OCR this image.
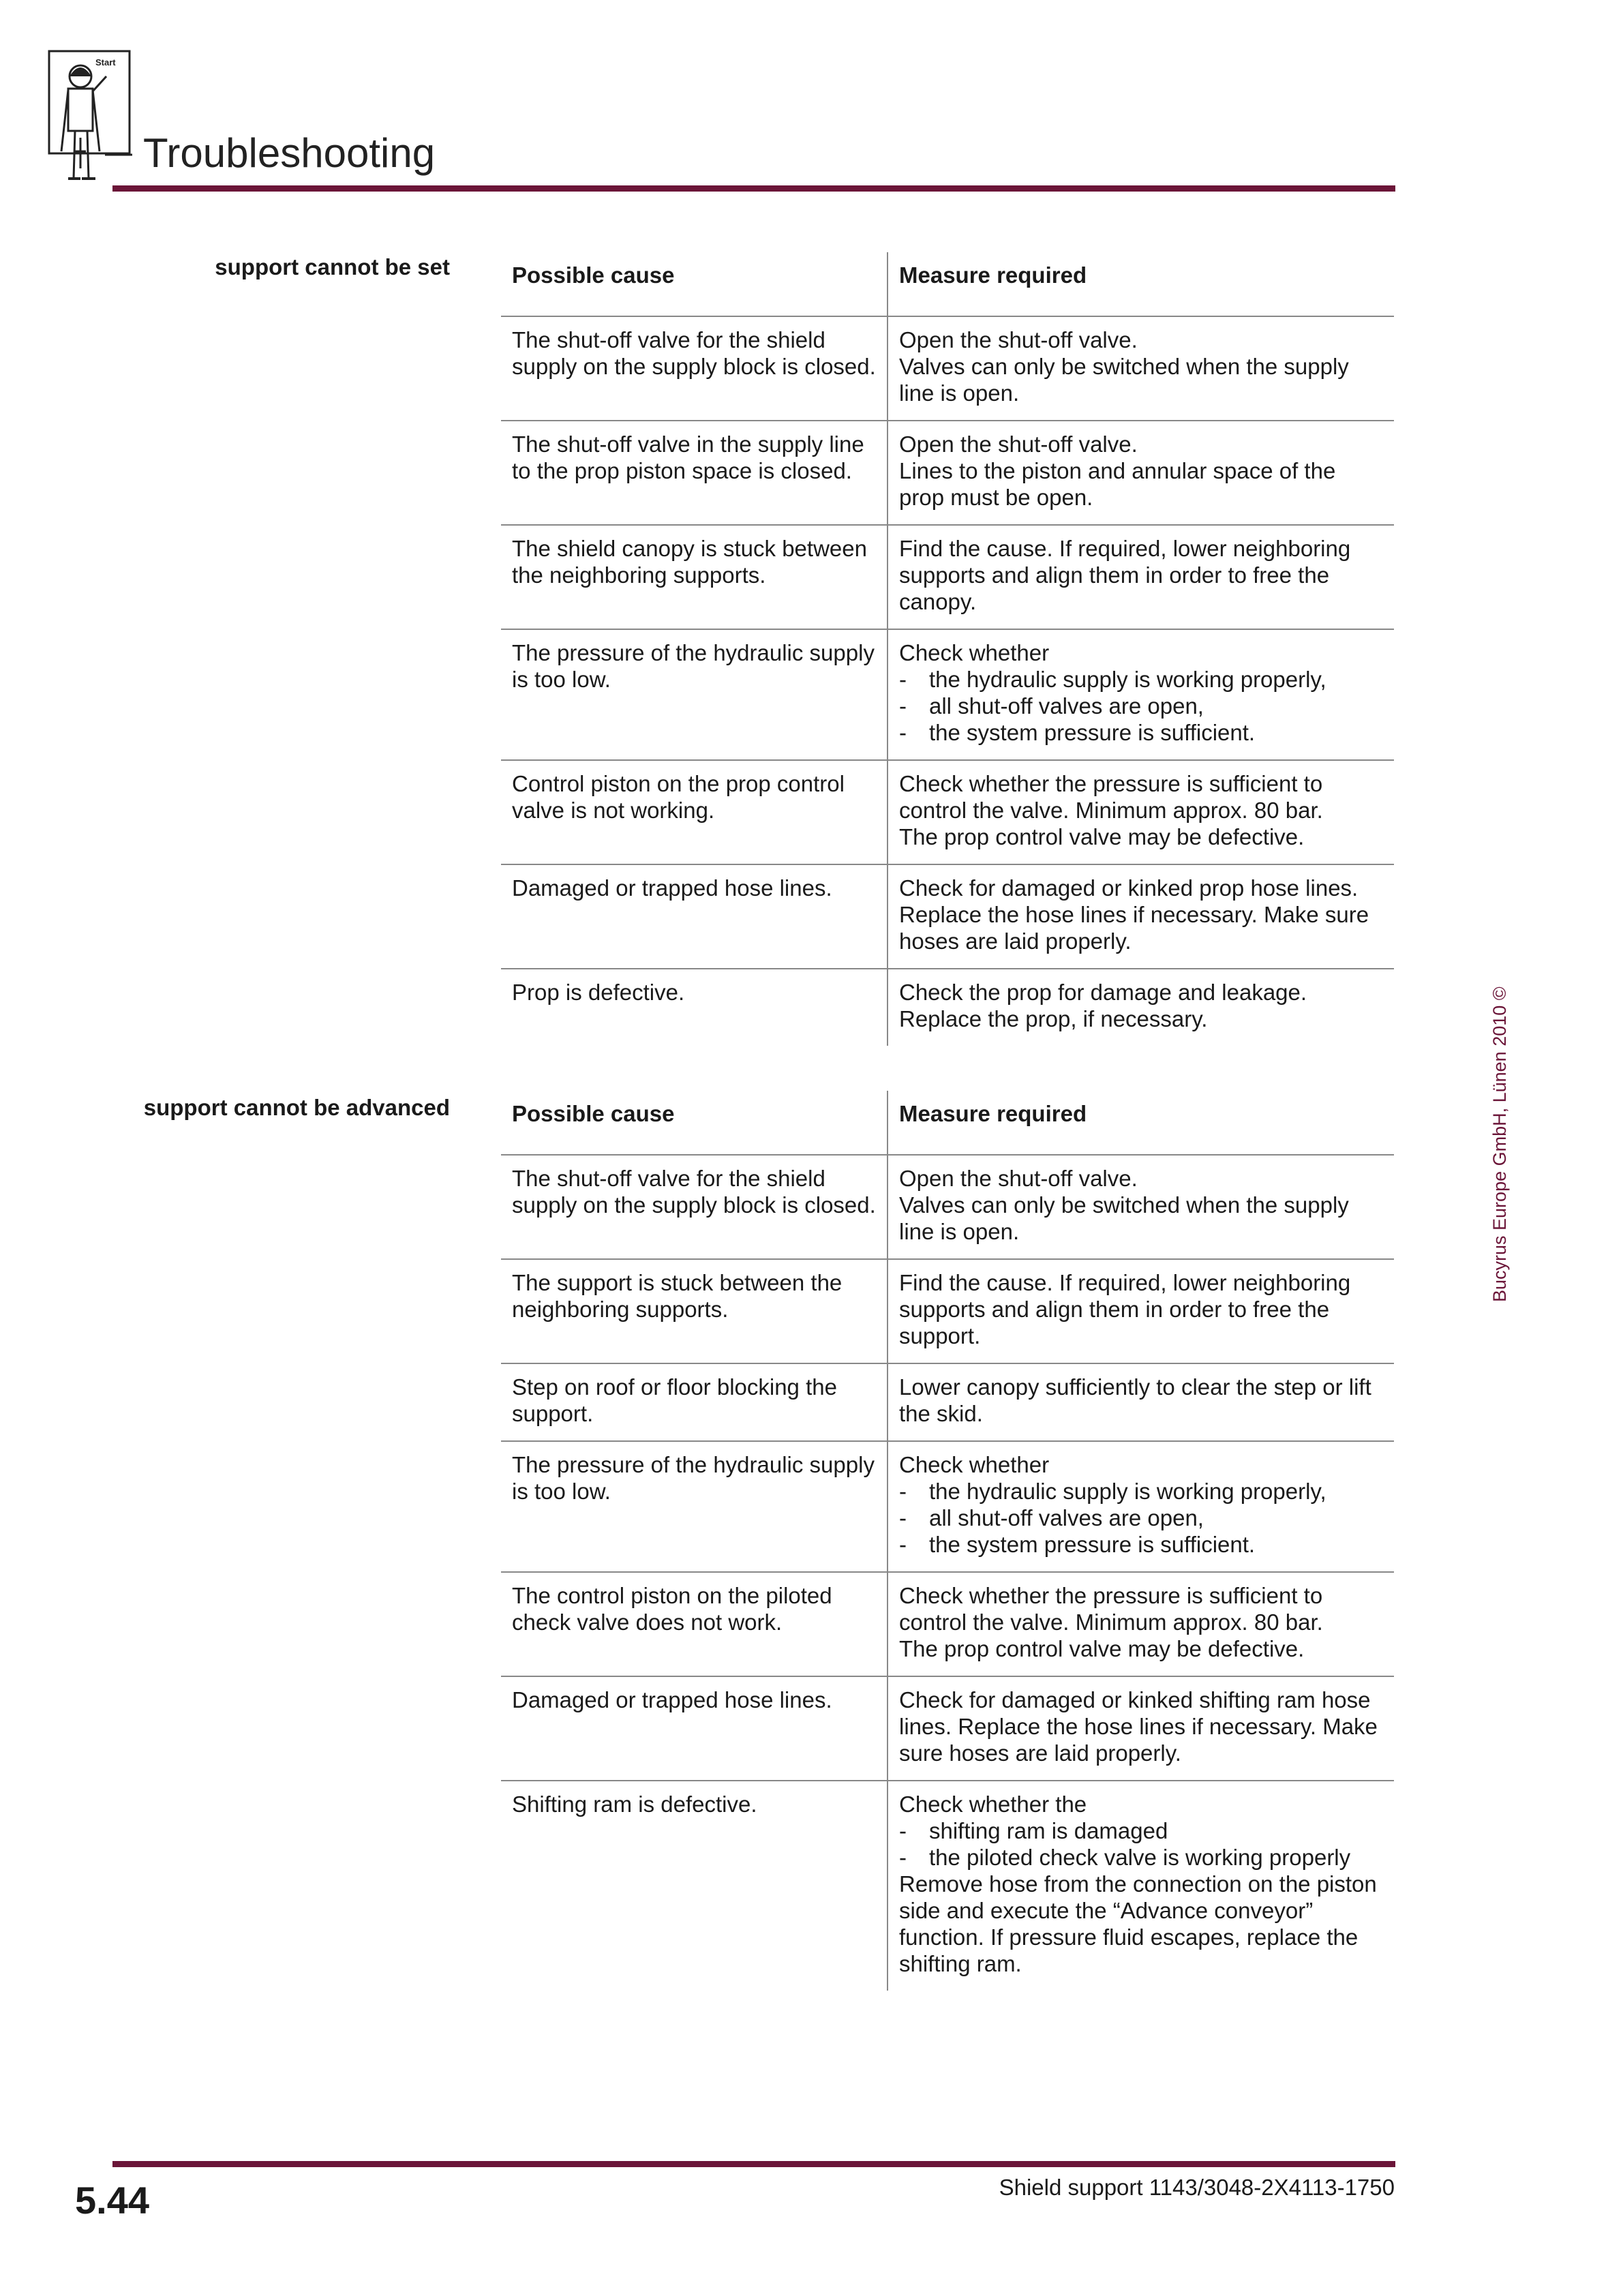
Start
Troubleshooting
support cannot be set	Possible cause	Measure required
The shut-off valve for the shield supply on the supply block is closed.	Open the shut-off valve.
Valves can only be switched when the supply line is open.

The shut-off valve in the supply line to the prop piston space is closed.	Open the shut-off valve.
Lines to the piston and annular space of the prop must be open.

The shield canopy is stuck between the neighboring supports.	Find the cause. If required, lower neighboring supports and align them in order to free the canopy.

The pressure of the hydraulic supply is too low.	Check whether
- the hydraulic supply is working properly,
- all shut-off valves are open,
- the system pressure is sufficient.

Control piston on the prop control valve is not working.	Check whether the pressure is sufficient to control the valve. Minimum approx. 80 bar.
The prop control valve may be defective.

Damaged or trapped hose lines.	Check for damaged or kinked prop hose lines.
Replace the hose lines if necessary. Make sure hoses are laid properly.

Prop is defective.	Check the prop for damage and leakage.
Replace the prop, if necessary.
support cannot be advanced	Possible cause	Measure required
The shut-off valve for the shield supply on the supply block is closed.	Open the shut-off valve.
Valves can only be switched when the supply line is open.

The support is stuck between the neighboring supports.	Find the cause. If required, lower neighboring supports and align them in order to free the support.

Step on roof or floor blocking the support.	Lower canopy sufficiently to clear the step or lift the skid.

The pressure of the hydraulic supply is too low.	Check whether
- the hydraulic supply is working properly,
- all shut-off valves are open,
- the system pressure is sufficient.

The control piston on the piloted check valve does not work.	Check whether the pressure is sufficient to control the valve. Minimum approx. 80 bar.
The prop control valve may be defective.

Damaged or trapped hose lines.	Check for damaged or kinked shifting ram hose lines. Replace the hose lines if necessary. Make sure hoses are laid properly.

Shifting ram is defective.	Check whether the
- shifting ram is damaged
- the piloted check valve is working properly
Remove hose from the connection on the piston side and execute the “Advance conveyor” function. If pressure fluid escapes, replace the shifting ram.
Bucyrus Europe GmbH, Lünen 2010 ©
5.44	Shield support 1143/3048-2X4113-1750
